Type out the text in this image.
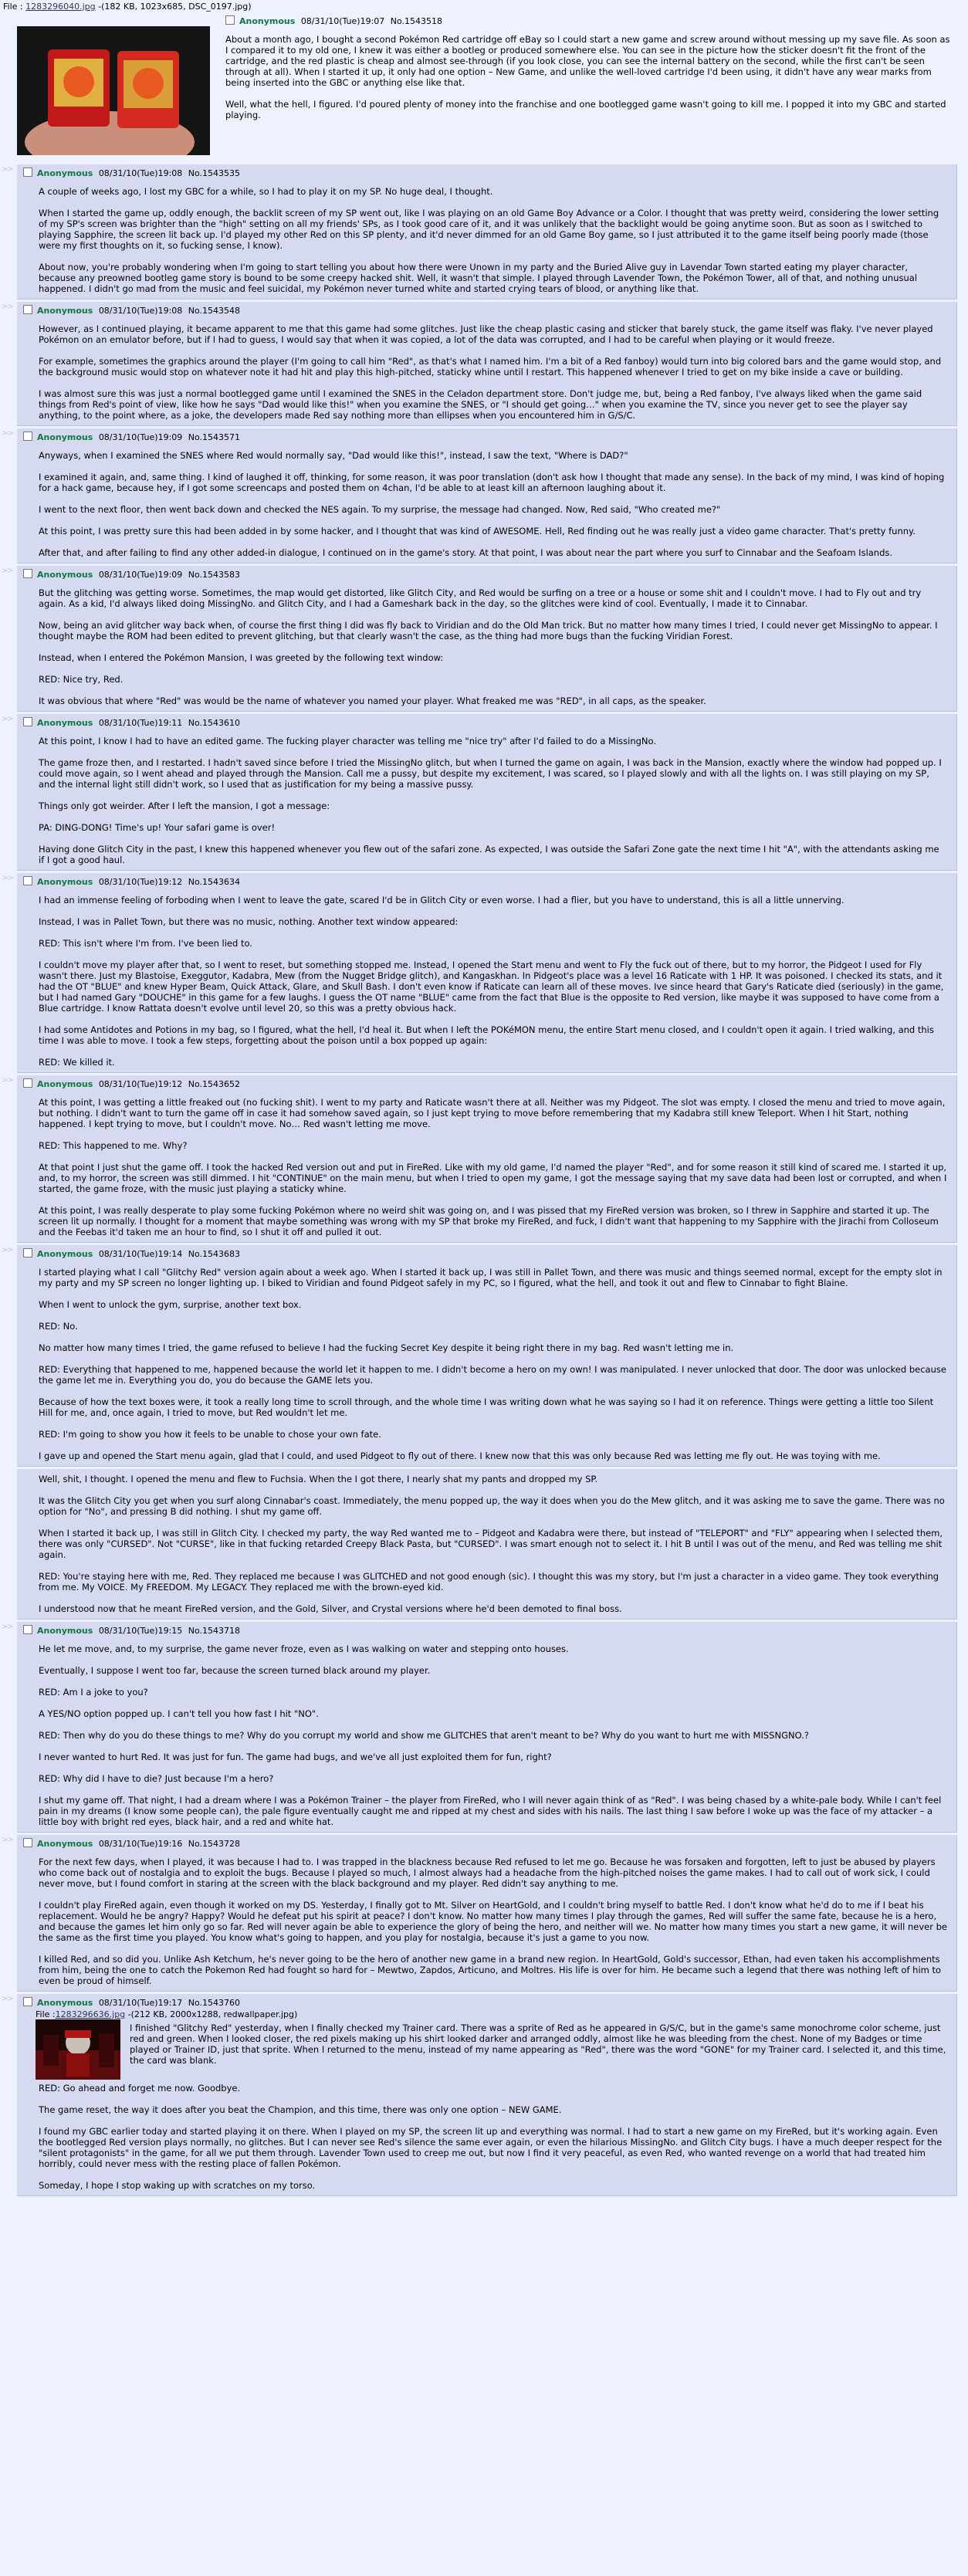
File : 1283296040.jpg -(182 KB, 1023x685, DSC_0197.jpg)
Anonymous 08/31/10(Tue)19:07 No.1543518

About a month ago, I bought a second Pokémon Red cartridge off eBay so I could start a new game and screw around without messing up my save file. As soon as I compared it to my old one, I knew it was either a bootleg or produced somewhere else. You can see in the picture how the sticker doesn't fit the front of the cartridge, and the red plastic is cheap and almost see-through (if you look close, you can see the internal battery on the second, while the first can't be seen through at all). When I started it up, it only had one option – New Game, and unlike the well-loved cartridge I'd been using, it didn't have any wear marks from being inserted into the GBC or anything else like that.

Well, what the hell, I figured. I'd poured plenty of money into the franchise and one bootlegged game wasn't going to kill me. I popped it into my GBC and started playing.

>>	Anonymous 08/31/10(Tue)19:08 No.1543535

A couple of weeks ago, I lost my GBC for a while, so I had to play it on my SP. No huge deal, I thought.

When I started the game up, oddly enough, the backlit screen of my SP went out, like I was playing on an old Game Boy Advance or a Color. I thought that was pretty weird, considering the lower setting of my SP's screen was brighter than the "high" setting on all my friends' SPs, as I took good care of it, and it was unlikely that the backlight would be going anytime soon. But as soon as I switched to playing Sapphire, the screen lit back up. I'd played my other Red on this SP plenty, and it'd never dimmed for an old Game Boy game, so I just attributed it to the game itself being poorly made (those were my first thoughts on it, so fucking sense, I know).

About now, you're probably wondering when I'm going to start telling you about how there were Unown in my party and the Buried Alive guy in Lavendar Town started eating my player character, because any preowned bootleg game story is bound to be some creepy hacked shit. Well, it wasn't that simple. I played through Lavender Town, the Pokémon Tower, all of that, and nothing unusual happened. I didn't go mad from the music and feel suicidal, my Pokémon never turned white and started crying tears of blood, or anything like that.

>>	Anonymous 08/31/10(Tue)19:08 No.1543548

However, as I continued playing, it became apparent to me that this game had some glitches. Just like the cheap plastic casing and sticker that barely stuck, the game itself was flaky. I've never played Pokémon on an emulator before, but if I had to guess, I would say that when it was copied, a lot of the data was corrupted, and I had to be careful when playing or it would freeze.

For example, sometimes the graphics around the player (I'm going to call him "Red", as that's what I named him. I'm a bit of a Red fanboy) would turn into big colored bars and the game would stop, and the background music would stop on whatever note it had hit and play this high-pitched, staticky whine until I restart. This happened whenever I tried to get on my bike inside a cave or building.

I was almost sure this was just a normal bootlegged game until I examined the SNES in the Celadon department store. Don't judge me, but, being a Red fanboy, I've always liked when the game said things from Red's point of view, like how he says "Dad would like this!" when you examine the SNES, or "I should get going…" when you examine the TV, since you never get to see the player say anything, to the point where, as a joke, the developers made Red say nothing more than ellipses when you encountered him in G/S/C.

>>	Anonymous 08/31/10(Tue)19:09 No.1543571

Anyways, when I examined the SNES where Red would normally say, "Dad would like this!", instead, I saw the text, "Where is DAD?"

I examined it again, and, same thing. I kind of laughed it off, thinking, for some reason, it was poor translation (don't ask how I thought that made any sense). In the back of my mind, I was kind of hoping for a hack game, because hey, if I got some screencaps and posted them on 4chan, I'd be able to at least kill an afternoon laughing about it.

I went to the next floor, then went back down and checked the NES again. To my surprise, the message had changed. Now, Red said, "Who created me?"

At this point, I was pretty sure this had been added in by some hacker, and I thought that was kind of AWESOME. Hell, Red finding out he was really just a video game character. That's pretty funny.

After that, and after failing to find any other added-in dialogue, I continued on in the game's story. At that point, I was about near the part where you surf to Cinnabar and the Seafoam Islands.

>>	Anonymous 08/31/10(Tue)19:09 No.1543583

But the glitching was getting worse. Sometimes, the map would get distorted, like Glitch City, and Red would be surfing on a tree or a house or some shit and I couldn't move. I had to Fly out and try again. As a kid, I'd always liked doing MissingNo. and Glitch City, and I had a Gameshark back in the day, so the glitches were kind of cool. Eventually, I made it to Cinnabar.

Now, being an avid glitcher way back when, of course the first thing I did was fly back to Viridian and do the Old Man trick. But no matter how many times I tried, I could never get MissingNo to appear. I thought maybe the ROM had been edited to prevent glitching, but that clearly wasn't the case, as the thing had more bugs than the fucking Viridian Forest.

Instead, when I entered the Pokémon Mansion, I was greeted by the following text window:

RED: Nice try, Red.

It was obvious that where "Red" was would be the name of whatever you named your player. What freaked me was "RED", in all caps, as the speaker.

>>	Anonymous 08/31/10(Tue)19:11 No.1543610

At this point, I know I had to have an edited game. The fucking player character was telling me "nice try" after I'd failed to do a MissingNo.

The game froze then, and I restarted. I hadn't saved since before I tried the MissingNo glitch, but when I turned the game on again, I was back in the Mansion, exactly where the window had popped up. I could move again, so I went ahead and played through the Mansion. Call me a pussy, but despite my excitement, I was scared, so I played slowly and with all the lights on. I was still playing on my SP, and the internal light still didn't work, so I used that as justification for my being a massive pussy.

Things only got weirder. After I left the mansion, I got a message:

PA: DING-DONG! Time's up! Your safari game is over!

Having done Glitch City in the past, I knew this happened whenever you flew out of the safari zone. As expected, I was outside the Safari Zone gate the next time I hit "A", with the attendants asking me if I got a good haul.

>>	Anonymous 08/31/10(Tue)19:12 No.1543634

I had an immense feeling of forboding when I went to leave the gate, scared I'd be in Glitch City or even worse. I had a flier, but you have to understand, this is all a little unnerving.

Instead, I was in Pallet Town, but there was no music, nothing. Another text window appeared:

RED: This isn't where I'm from. I've been lied to.

I couldn't move my player after that, so I went to reset, but something stopped me. Instead, I opened the Start menu and went to Fly the fuck out of there, but to my horror, the Pidgeot I used for Fly wasn't there. Just my Blastoise, Exeggutor, Kadabra, Mew (from the Nugget Bridge glitch), and Kangaskhan. In Pidgeot's place was a level 16 Raticate with 1 HP. It was poisoned. I checked its stats, and it had the OT "BLUE" and knew Hyper Beam, Quick Attack, Glare, and Skull Bash. I don't even know if Raticate can learn all of these moves. Ive since heard that Gary's Raticate died (seriously) in the game, but I had named Gary "DOUCHE" in this game for a few laughs. I guess the OT name "BLUE" came from the fact that Blue is the opposite to Red version, like maybe it was supposed to have come from a Blue cartridge. I know Rattata doesn't evolve until level 20, so this was a pretty obvious hack.

I had some Antidotes and Potions in my bag, so I figured, what the hell, I'd heal it. But when I left the POKéMON menu, the entire Start menu closed, and I couldn't open it again. I tried walking, and this time I was able to move. I took a few steps, forgetting about the poison until a box popped up again:

RED: We killed it.

>>	Anonymous 08/31/10(Tue)19:12 No.1543652

At this point, I was getting a little freaked out (no fucking shit). I went to my party and Raticate wasn't there at all. Neither was my Pidgeot. The slot was empty. I closed the menu and tried to move again, but nothing. I didn't want to turn the game off in case it had somehow saved again, so I just kept trying to move before remembering that my Kadabra still knew Teleport. When I hit Start, nothing happened. I kept trying to move, but I couldn't move. No… Red wasn't letting me move.

RED: This happened to me. Why?

At that point I just shut the game off. I took the hacked Red version out and put in FireRed. Like with my old game, I'd named the player "Red", and for some reason it still kind of scared me. I started it up, and, to my horror, the screen was still dimmed. I hit "CONTINUE" on the main menu, but when I tried to open my game, I got the message saying that my save data had been lost or corrupted, and when I started, the game froze, with the music just playing a staticky whine.

At this point, I was really desperate to play some fucking Pokémon where no weird shit was going on, and I was pissed that my FireRed version was broken, so I threw in Sapphire and started it up. The screen lit up normally. I thought for a moment that maybe something was wrong with my SP that broke my FireRed, and fuck, I didn't want that happening to my Sapphire with the Jirachi from Colloseum and the Feebas it'd taken me an hour to find, so I shut it off and pulled it out.

>>	Anonymous 08/31/10(Tue)19:14 No.1543683

I started playing what I call "Glitchy Red" version again about a week ago. When I started it back up, I was still in Pallet Town, and there was music and things seemed normal, except for the empty slot in my party and my SP screen no longer lighting up. I biked to Viridian and found Pidgeot safely in my PC, so I figured, what the hell, and took it out and flew to Cinnabar to fight Blaine.

When I went to unlock the gym, surprise, another text box.

RED: No.

No matter how many times I tried, the game refused to believe I had the fucking Secret Key despite it being right there in my bag. Red wasn't letting me in.

RED: Everything that happened to me, happened because the world let it happen to me. I didn't become a hero on my own! I was manipulated. I never unlocked that door. The door was unlocked because the game let me in. Everything you do, you do because the GAME lets you.

Because of how the text boxes were, it took a really long time to scroll through, and the whole time I was writing down what he was saying so I had it on reference. Things were getting a little too Silent Hill for me, and, once again, I tried to move, but Red wouldn't let me.

RED: I'm going to show you how it feels to be unable to chose your own fate.

I gave up and opened the Start menu again, glad that I could, and used Pidgeot to fly out of there. I knew now that this was only because Red was letting me fly out. He was toying with me.

Well, shit, I thought. I opened the menu and flew to Fuchsia. When the I got there, I nearly shat my pants and dropped my SP.

It was the Glitch City you get when you surf along Cinnabar's coast. Immediately, the menu popped up, the way it does when you do the Mew glitch, and it was asking me to save the game. There was no option for "No", and pressing B did nothing. I shut my game off.

When I started it back up, I was still in Glitch City. I checked my party, the way Red wanted me to – Pidgeot and Kadabra were there, but instead of "TELEPORT" and "FLY" appearing when I selected them, there was only "CURSED". Not "CURSE", like in that fucking retarded Creepy Black Pasta, but "CURSED". I was smart enough not to select it. I hit B until I was out of the menu, and Red was telling me shit again.

RED: You're staying here with me, Red. They replaced me because I was GLITCHED and not good enough (sic). I thought this was my story, but I'm just a character in a video game. They took everything from me. My VOICE. My FREEDOM. My LEGACY. They replaced me with the brown-eyed kid.

I understood now that he meant FireRed version, and the Gold, Silver, and Crystal versions where he'd been demoted to final boss.

>>	Anonymous 08/31/10(Tue)19:15 No.1543718

He let me move, and, to my surprise, the game never froze, even as I was walking on water and stepping onto houses.

Eventually, I suppose I went too far, because the screen turned black around my player.

RED: Am I a joke to you?

A YES/NO option popped up. I can't tell you how fast I hit "NO".

RED: Then why do you do these things to me? Why do you corrupt my world and show me GLITCHES that aren't meant to be? Why do you want to hurt me with MISSNGNO.?

I never wanted to hurt Red. It was just for fun. The game had bugs, and we've all just exploited them for fun, right?

RED: Why did I have to die? Just because I'm a hero?

I shut my game off. That night, I had a dream where I was a Pokémon Trainer – the player from FireRed, who I will never again think of as "Red". I was being chased by a white-pale body. While I can't feel pain in my dreams (I know some people can), the pale figure eventually caught me and ripped at my chest and sides with his nails. The last thing I saw before I woke up was the face of my attacker – a little boy with bright red eyes, black hair, and a red and white hat.

>>	Anonymous 08/31/10(Tue)19:16 No.1543728

For the next few days, when I played, it was because I had to. I was trapped in the blackness because Red refused to let me go. Because he was forsaken and forgotten, left to just be abused by players who come back out of nostalgia and to exploit the bugs. Because I played so much, I almost always had a headache from the high-pitched noises the game makes. I had to call out of work sick, I could never move, but I found comfort in staring at the screen with the black background and my player. Red didn't say anything to me.

I couldn't play FireRed again, even though it worked on my DS. Yesterday, I finally got to Mt. Silver on HeartGold, and I couldn't bring myself to battle Red. I don't know what he'd do to me if I beat his replacement. Would he be angry? Happy? Would he defeat put his spirit at peace? I don't know. No matter how many times I play through the games, Red will suffer the same fate, because he is a hero, and because the games let him only go so far. Red will never again be able to experience the glory of being the hero, and neither will we. No matter how many times you start a new game, it will never be the same as the first time you played. You know what's going to happen, and you play for nostalgia, because it's just a game to you now.

I killed Red, and so did you. Unlike Ash Ketchum, he's never going to be the hero of another new game in a brand new region. In HeartGold, Gold's successor, Ethan, had even taken his accomplishments from him, being the one to catch the Pokemon Red had fought so hard for – Mewtwo, Zapdos, Articuno, and Moltres. His life is over for him. He became such a legend that there was nothing left of him to even be proud of himself.

>>	Anonymous 08/31/10(Tue)19:17 No.1543760
File :1283296636.jpg -(212 KB, 2000x1288, redwallpaper.jpg)

I finished "Glitchy Red" yesterday, when I finally checked my Trainer card. There was a sprite of Red as he appeared in G/S/C, but in the game's same monochrome color scheme, just red and green. When I looked closer, the red pixels making up his shirt looked darker and arranged oddly, almost like he was bleeding from the chest. None of my Badges or time played or Trainer ID, just that sprite. When I returned to the menu, instead of my name appearing as "Red", there was the word "GONE" for my Trainer card. I selected it, and this time, the card was blank.

RED: Go ahead and forget me now. Goodbye.

The game reset, the way it does after you beat the Champion, and this time, there was only one option – NEW GAME.

I found my GBC earlier today and started playing it on there. When I played on my SP, the screen lit up and everything was normal. I had to start a new game on my FireRed, but it's working again. Even the bootlegged Red version plays normally, no glitches. But I can never see Red's silence the same ever again, or even the hilarious MissingNo. and Glitch City bugs. I have a much deeper respect for the "silent protagonists" in the game, for all we put them through. Lavender Town used to creep me out, but now I find it very peaceful, as even Red, who wanted revenge on a world that had treated him horribly, could never mess with the resting place of fallen Pokémon.

Someday, I hope I stop waking up with scratches on my torso.
